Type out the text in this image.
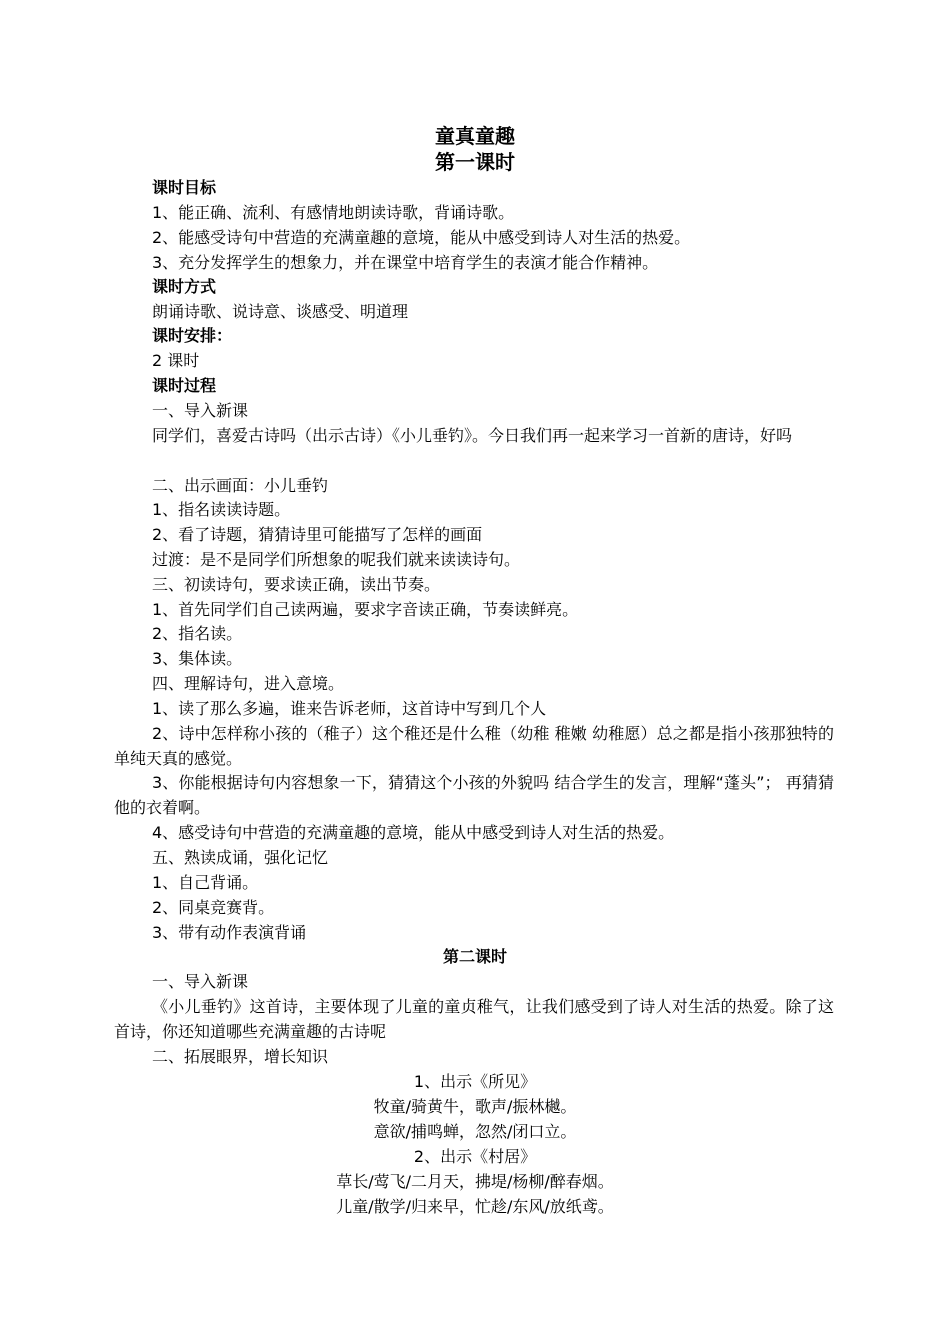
童真童趣
第一课时
课时目标
1、能正确、流利、有感情地朗读诗歌，背诵诗歌。
2、能感受诗句中营造的充满童趣的意境，能从中感受到诗人对生活的热爱。
3、充分发挥学生的想象力，并在课堂中培育学生的表演才能合作精神。
课时方式
朗诵诗歌、说诗意、谈感受、明道理
课时安排：
2 课时
课时过程
一、导入新课
同学们，喜爱古诗吗（出示古诗）《小儿垂钓》。今日我们再一起来学习一首新的唐诗，好吗
二、出示画面：小儿垂钓
1、指名读读诗题。
2、看了诗题，猜猜诗里可能描写了怎样的画面
过渡：是不是同学们所想象的呢我们就来读读诗句。
三、初读诗句，要求读正确，读出节奏。
1、首先同学们自己读两遍，要求字音读正确，节奏读鲜亮。
2、指名读。
3、集体读。
四、理解诗句，进入意境。
1、读了那么多遍，谁来告诉老师，这首诗中写到几个人
2、诗中怎样称小孩的（稚子）这个稚还是什么稚（幼稚 稚嫩 幼稚愿）总之都是指小孩那独特的单纯天真的感觉。
3、你能根据诗句内容想象一下，猜猜这个小孩的外貌吗 结合学生的发言，理解“蓬头”； 再猜猜他的衣着啊。
4、感受诗句中营造的充满童趣的意境，能从中感受到诗人对生活的热爱。
五、熟读成诵，强化记忆
1、自己背诵。
2、同桌竞赛背。
3、带有动作表演背诵
第二课时
一、导入新课
《小儿垂钓》这首诗，主要体现了儿童的童贞稚气，让我们感受到了诗人对生活的热爱。除了这首诗，你还知道哪些充满童趣的古诗呢
二、拓展眼界，增长知识
1、出示《所见》
牧童/骑黄牛，歌声/振林樾。
意欲/捕鸣蝉，忽然/闭口立。
2、出示《村居》
草长/莺飞/二月天，拂堤/杨柳/醉春烟。
儿童/散学/归来早，忙趁/东风/放纸鸢。
